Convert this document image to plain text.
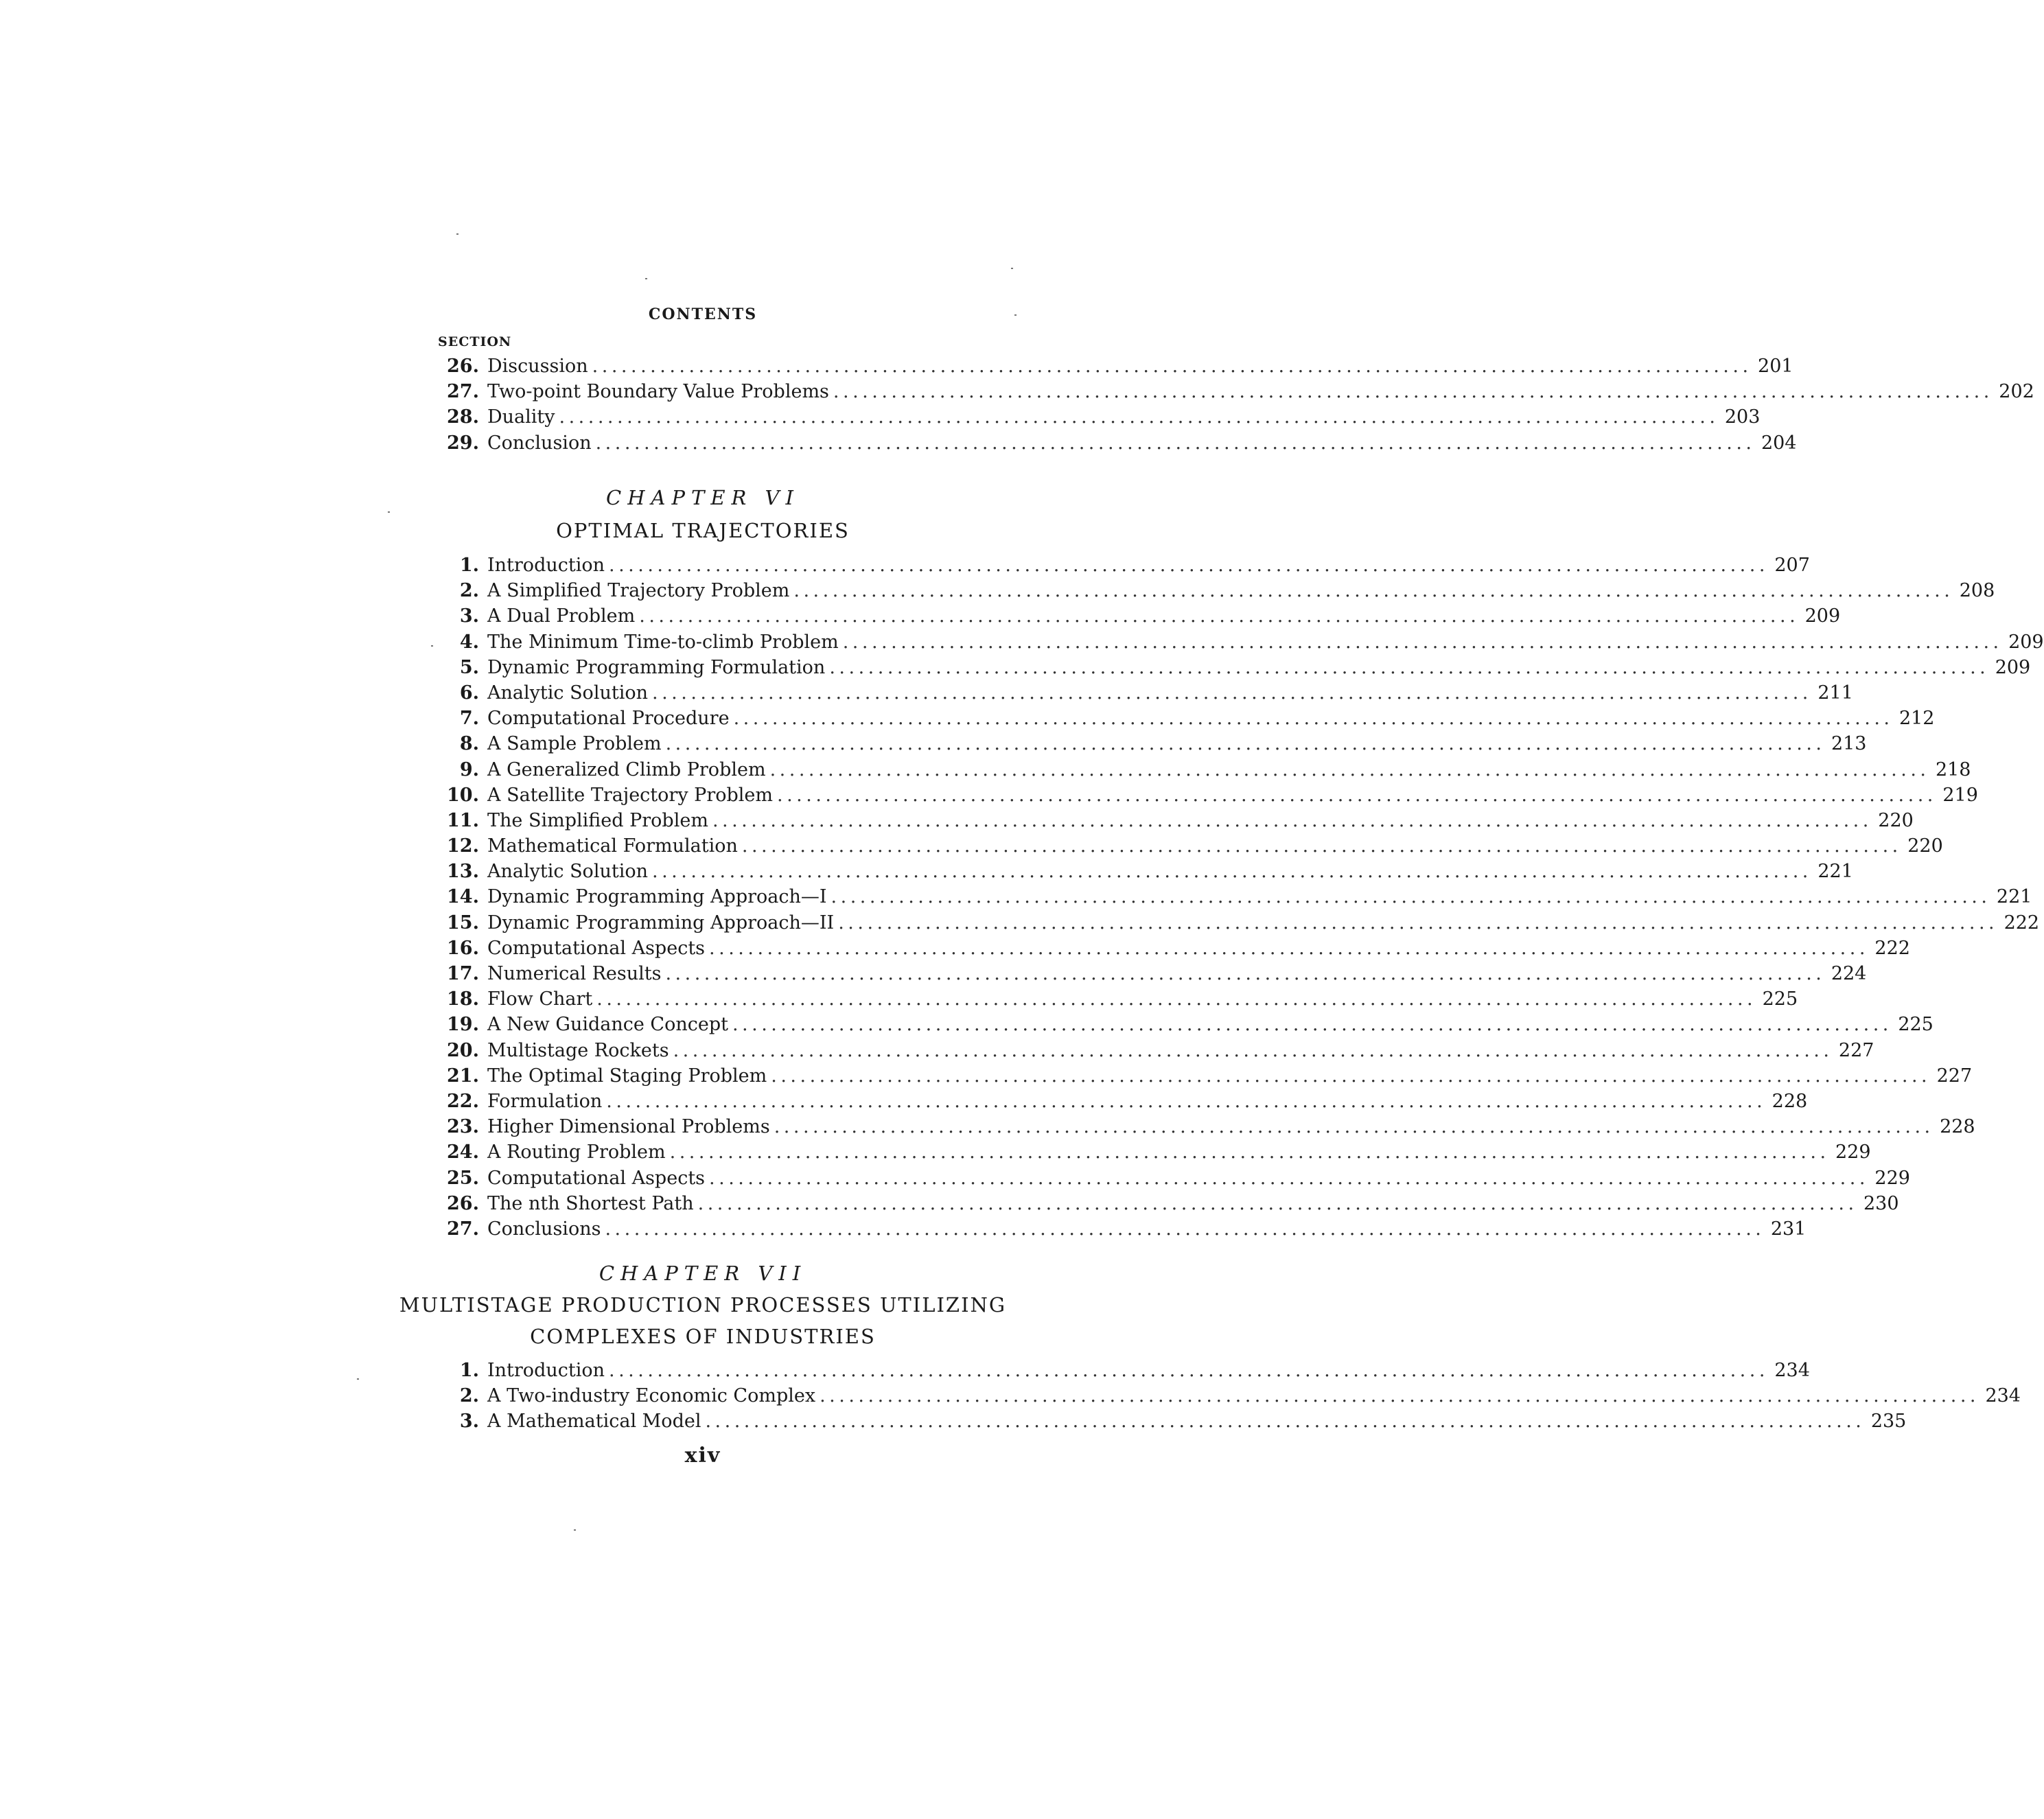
CONTENTS
SECTION
26. Discussion ........................................................................................................................ 201
27. Two-point Boundary Value Problems ........................................................................................................................ 202
28. Duality ........................................................................................................................ 203
29. Conclusion ........................................................................................................................ 204
CHAPTER VI
OPTIMAL TRAJECTORIES
1. Introduction ........................................................................................................................ 207
2. A Simplified Trajectory Problem ........................................................................................................................ 208
3. A Dual Problem ........................................................................................................................ 209
4. The Minimum Time-to-climb Problem ........................................................................................................................ 209
5. Dynamic Programming Formulation ........................................................................................................................ 209
6. Analytic Solution ........................................................................................................................ 211
7. Computational Procedure ........................................................................................................................ 212
8. A Sample Problem ........................................................................................................................ 213
9. A Generalized Climb Problem ........................................................................................................................ 218
10. A Satellite Trajectory Problem ........................................................................................................................ 219
11. The Simplified Problem ........................................................................................................................ 220
12. Mathematical Formulation ........................................................................................................................ 220
13. Analytic Solution ........................................................................................................................ 221
14. Dynamic Programming Approach—I ........................................................................................................................ 221
15. Dynamic Programming Approach—II ........................................................................................................................ 222
16. Computational Aspects ........................................................................................................................ 222
17. Numerical Results ........................................................................................................................ 224
18. Flow Chart ........................................................................................................................ 225
19. A New Guidance Concept ........................................................................................................................ 225
20. Multistage Rockets ........................................................................................................................ 227
21. The Optimal Staging Problem ........................................................................................................................ 227
22. Formulation ........................................................................................................................ 228
23. Higher Dimensional Problems ........................................................................................................................ 228
24. A Routing Problem ........................................................................................................................ 229
25. Computational Aspects ........................................................................................................................ 229
26. The nth Shortest Path ........................................................................................................................ 230
27. Conclusions ........................................................................................................................ 231
CHAPTER VII
MULTISTAGE PRODUCTION PROCESSES UTILIZING
COMPLEXES OF INDUSTRIES
1. Introduction ........................................................................................................................ 234
2. A Two-industry Economic Complex ........................................................................................................................ 234
3. A Mathematical Model ........................................................................................................................ 235
xiv
